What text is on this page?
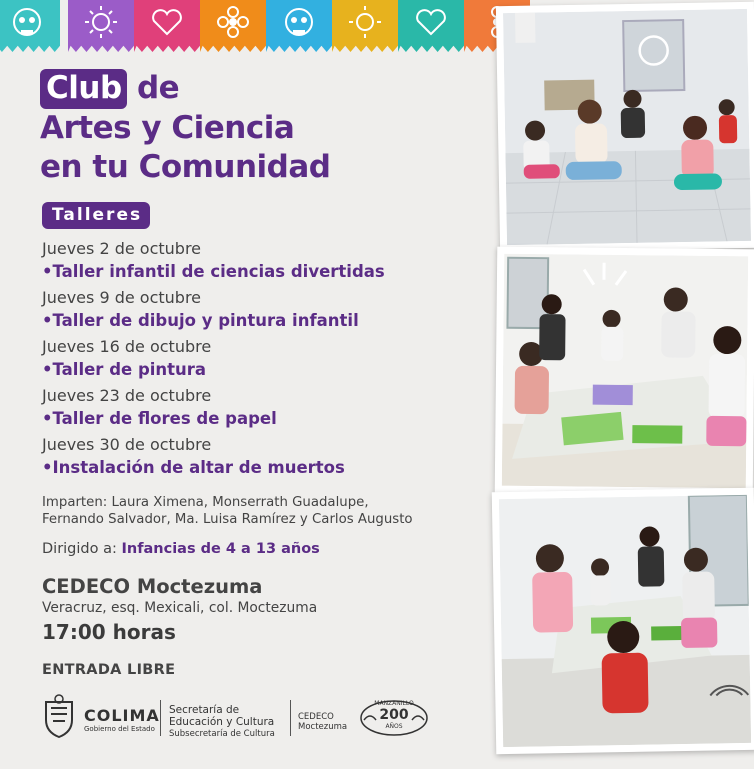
Club de
Artes y Ciencia
en tu Comunidad
Talleres
Jueves 2 de octubre
•Taller infantil de ciencias divertidas
Jueves 9 de octubre
•Taller de dibujo y pintura infantil
Jueves 16 de octubre
•Taller de pintura
Jueves 23 de octubre
•Taller de flores de papel
Jueves 30 de octubre
•Instalación de altar de muertos
Imparten: Laura Ximena, Monserrath Guadalupe,
Fernando Salvador, Ma. Luisa Ramírez y Carlos Augusto
Dirigido a: Infancias de 4 a 13 años
CEDECO Moctezuma
Veracruz, esq. Mexicali, col. Moctezuma
17:00 horas
ENTRADA LIBRE
COLIMA
Gobierno del Estado
Secretaría de
Educación y Cultura
Subsecretaría de Cultura
CEDECO
Moctezuma
MANZANILLO
200
AÑOS
